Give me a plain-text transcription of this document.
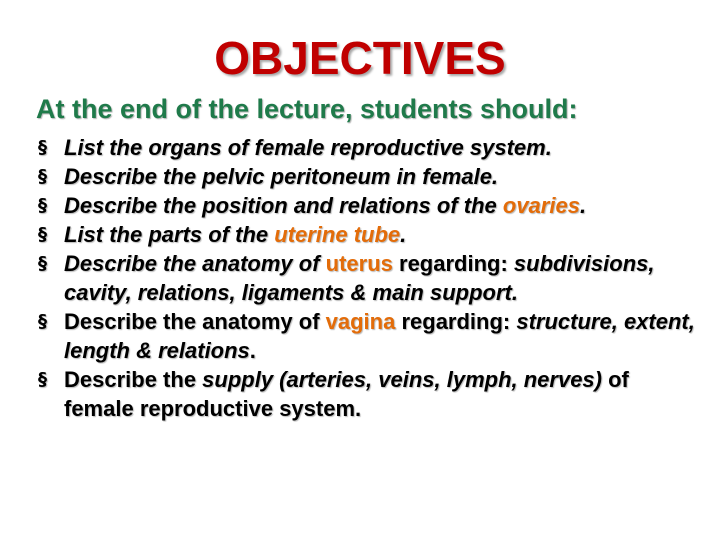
OBJECTIVES
At the end of the lecture, students should:
§ List the organs of female reproductive system.
§ Describe the pelvic peritoneum in female.
§ Describe the position and relations of the ovaries.
§ List the parts of the uterine tube.
§ Describe the anatomy of uterus regarding: subdivisions, cavity, relations, ligaments & main support.
§ Describe the anatomy of vagina regarding: structure, extent, length & relations.
§ Describe the supply (arteries, veins, lymph, nerves) of female reproductive system.
